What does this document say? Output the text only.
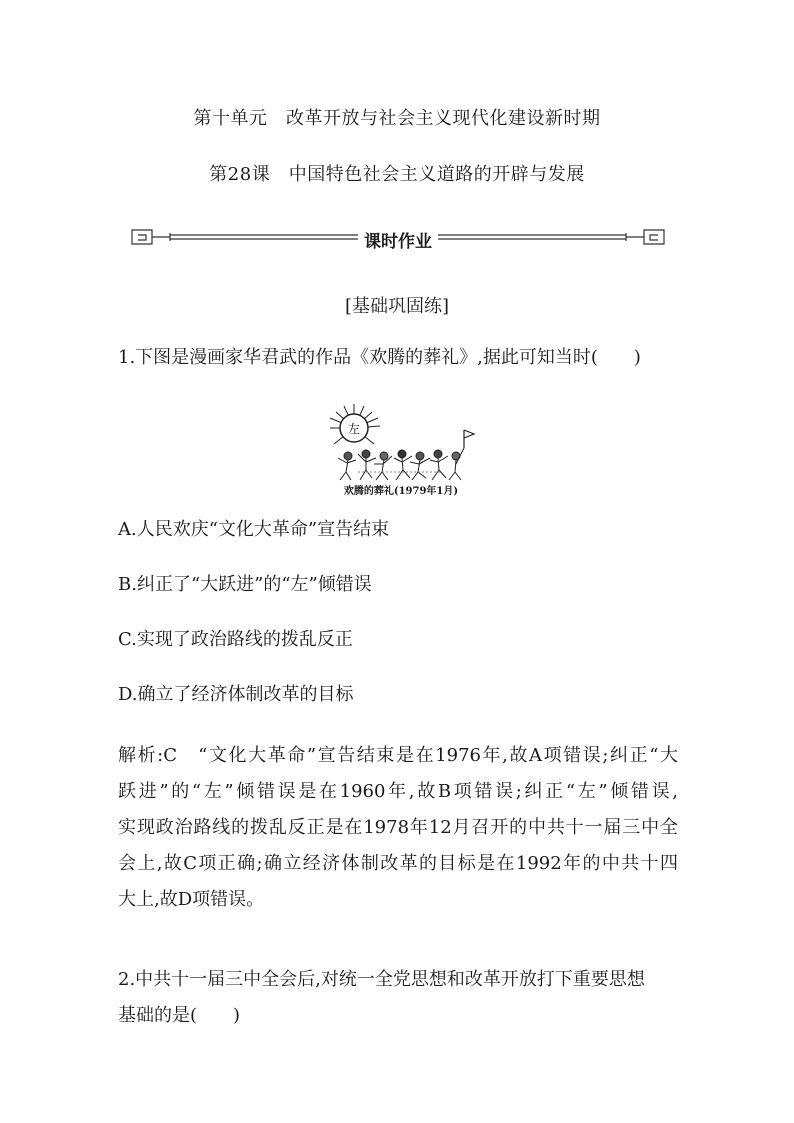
第十单元　改革开放与社会主义现代化建设新时期
第28课　中国特色社会主义道路的开辟与发展
课时作业
[基础巩固练]
1.下图是漫画家华君武的作品《欢腾的葬礼》,据此可知当时(　　)
左
欢腾的葬礼(1979年1月)
A.人民欢庆“文化大革命”宣告结束
B.纠正了“大跃进”的“左”倾错误
C.实现了政治路线的拨乱反正
D.确立了经济体制改革的目标
解析:C　“文化大革命”宣告结束是在1976年,故A项错误;纠正“大
跃进”的“左”倾错误是在1960年,故B项错误;纠正“左”倾错误,
实现政治路线的拨乱反正是在1978年12月召开的中共十一届三中全
会上,故C项正确;确立经济体制改革的目标是在1992年的中共十四
大上,故D项错误。
2.中共十一届三中全会后,对统一全党思想和改革开放打下重要思想
基础的是(　　)
